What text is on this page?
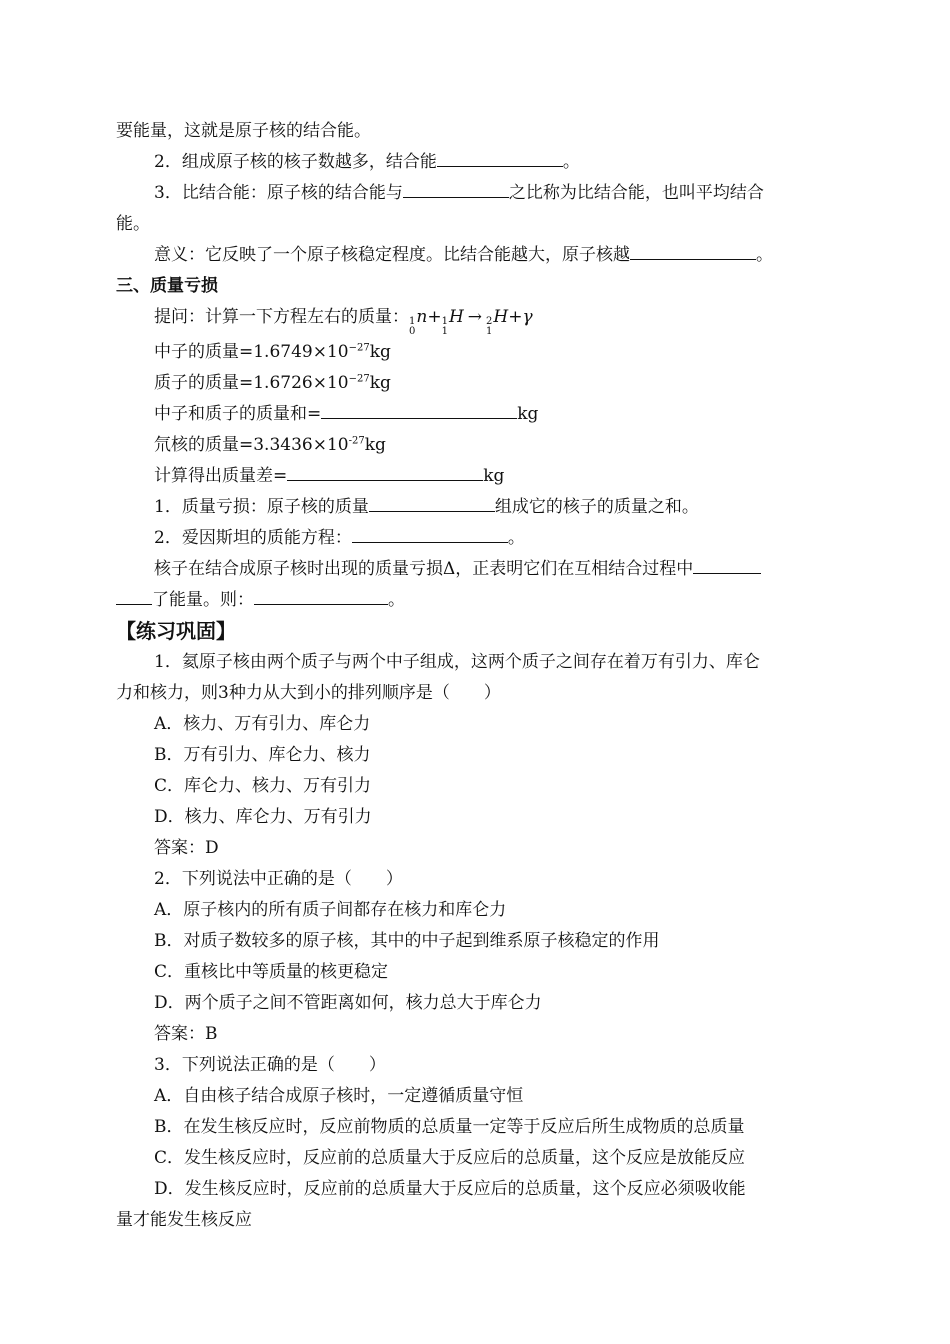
要能量，这就是原子核的结合能。

2．组成原子核的核子数越多，结合能	。

3．比结合能：原子核的结合能与	之比称为比结合能，也叫平均结合

能。

意义：它反映了一个原子核稳定程度。比结合能越大，原子核越	。

三、质量亏损

提问：计算一下方程左右的质量： 1
0
n+ 1
1
H → 2
1
H+γ

中子的质量$=1.6749\times 10^{-27}kg$

质子的质量$=1.6726\times 10^{-27}kg$

中子和质子的质量和=	kg

氘核的质量$=3.3436\times 10^{-27}kg$

计算得出质量差=	kg

1．质量亏损：原子核的质量	组成它的核子的质量之和。

2．爱因斯坦的质能方程：	。

核子在结合成原子核时出现的质量亏损Δ，正表明它们在互相结合过程中

了能量。则：	。

【练习巩固】

1．氦原子核由两个质子与两个中子组成，这两个质子之间存在着万有引力、库仑

力和核力，则3种力从大到小的排列顺序是（　　）

A．核力、万有引力、库仑力

B．万有引力、库仑力、核力

C．库仑力、核力、万有引力

D．核力、库仑力、万有引力

答案：D

2．下列说法中正确的是（　　）

A．原子核内的所有质子间都存在核力和库仑力

B．对质子数较多的原子核，其中的中子起到维系原子核稳定的作用

C．重核比中等质量的核更稳定

D．两个质子之间不管距离如何，核力总大于库仑力

答案：B

3．下列说法正确的是（　　）

A．自由核子结合成原子核时，一定遵循质量守恒

B．在发生核反应时，反应前物质的总质量一定等于反应后所生成物质的总质量

C．发生核反应时，反应前的总质量大于反应后的总质量，这个反应是放能反应

D．发生核反应时，反应前的总质量大于反应后的总质量，这个反应必须吸收能

量才能发生核反应
